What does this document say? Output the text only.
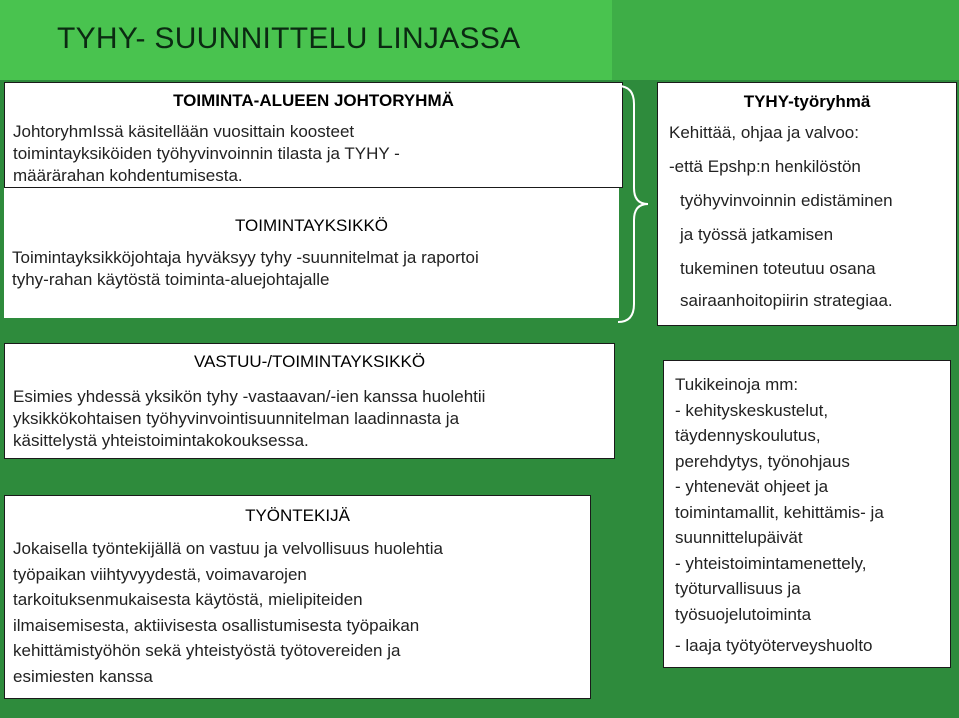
TYHY- SUUNNITTELU LINJASSA
TOIMINTA-ALUEEN JOHTORYHMÄ
JohtoryhmIssä käsitellään vuosittain koosteet
toimintayksiköiden työhyvinvoinnin tilasta ja TYHY -
määrärahan kohdentumisesta.
TOIMINTAYKSIKKÖ
Toimintayksikköjohtaja hyväksyy tyhy -suunnitelmat ja raportoi
tyhy-rahan käytöstä toiminta-aluejohtajalle
VASTUU-/TOIMINTAYKSIKKÖ
Esimies yhdessä yksikön tyhy -vastaavan/-ien kanssa huolehtii
yksikkökohtaisen työhyvinvointisuunnitelman laadinnasta ja
käsittelystä yhteistoimintakokouksessa.
TYÖNTEKIJÄ
Jokaisella työntekijällä on vastuu ja velvollisuus huolehtia
työpaikan viihtyvyydestä, voimavarojen
tarkoituksenmukaisesta käytöstä, mielipiteiden
ilmaisemisesta, aktiivisesta osallistumisesta työpaikan
kehittämistyöhön sekä yhteistyöstä työtovereiden ja
esimiesten kanssa
TYHY-työryhmä
Kehittää, ohjaa ja valvoo:
-että Epshp:n henkilöstön
työhyvinvoinnin edistäminen
ja työssä jatkamisen
tukeminen toteutuu osana
sairaanhoitopiirin strategiaa.
Tukikeinoja mm:
- kehityskeskustelut,
täydennyskoulutus,
perehdytys, työnohjaus
- yhtenevät ohjeet ja
toimintamallit, kehittämis- ja
suunnittelupäivät
- yhteistoimintamenettely,
työturvallisuus ja
työsuojelutoiminta
- laaja työtyöterveyshuolto
